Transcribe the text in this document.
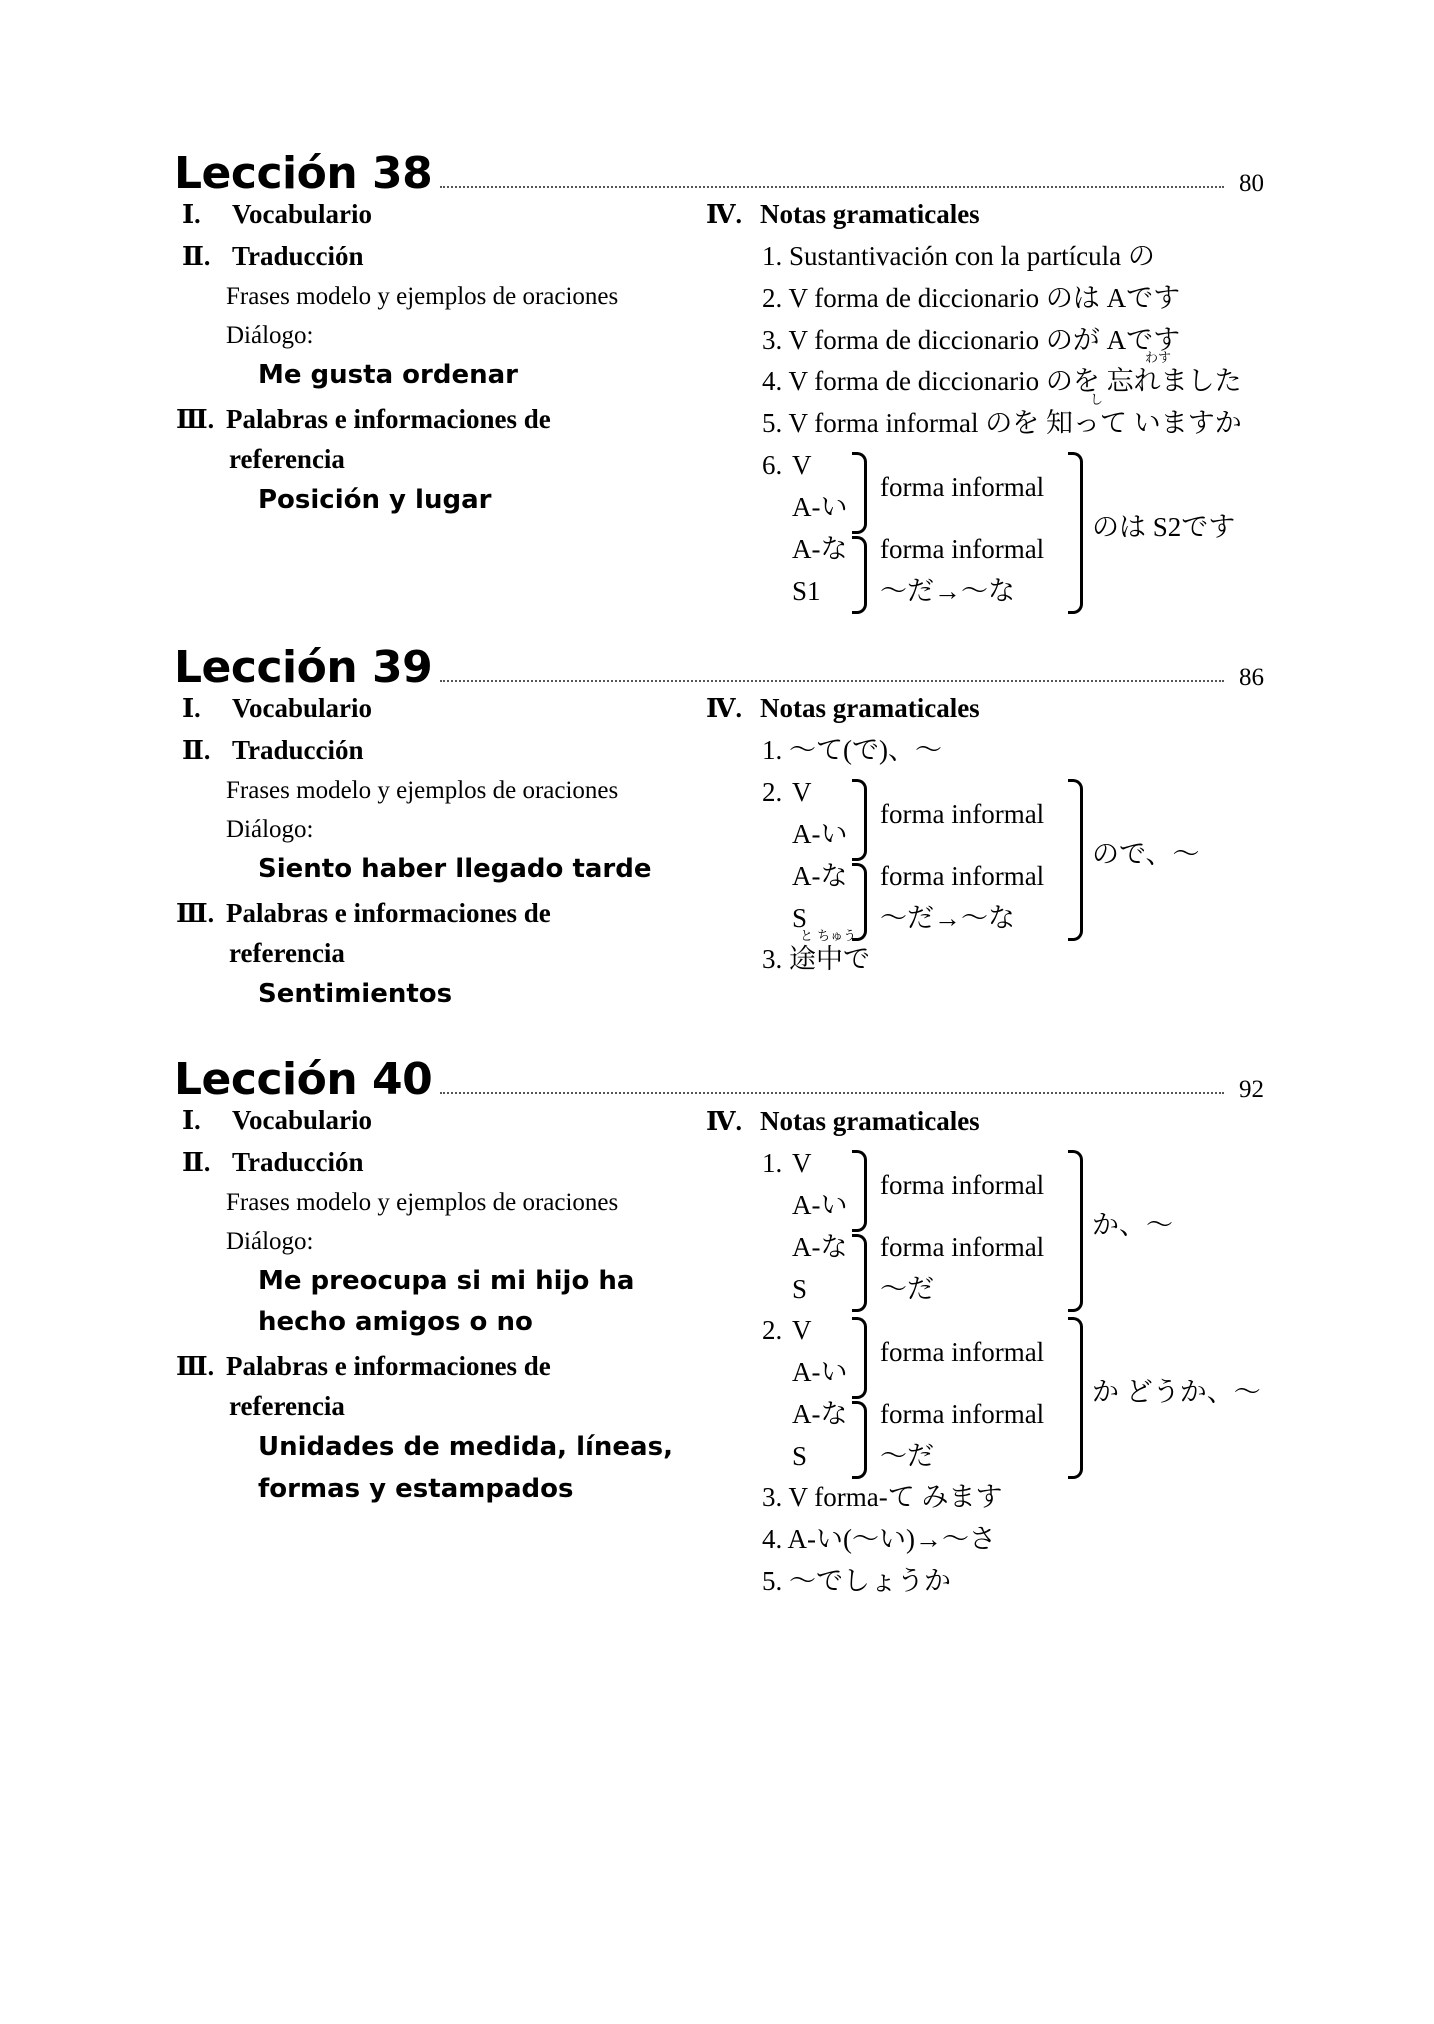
Lección 38	80
Ⅰ. Vocabulario
Ⅱ. Traducción
Frases modelo y ejemplos de oraciones
Diálogo:
Me gusta ordenar
Ⅲ. Palabras e informaciones de
referencia
Posición y lugar
Ⅳ. Notas gramaticales
1. Sustantivación con la partícula の
2. V forma de diccionario のは Aです
3. V forma de diccionario のが Aです
わす
4. V forma de diccionario のを 忘れました
し
5. V forma informal のを 知って いますか
6. V
A-い
A-な
S1
forma informal
forma informal
～だ→～な
のは S2です
Lección 39	86
Ⅰ. Vocabulario
Ⅱ. Traducción
Frases modelo y ejemplos de oraciones
Diálogo:
Siento haber llegado tarde
Ⅲ. Palabras e informaciones de
referencia
Sentimientos
Ⅳ. Notas gramaticales
1. ～て(で)、～
2. V
A-い
A-な
S
forma informal
forma informal
～だ→～な
ので、～
と ちゅう
3. 途中で
Lección 40	92
Ⅰ. Vocabulario
Ⅱ. Traducción
Frases modelo y ejemplos de oraciones
Diálogo:
Me preocupa si mi hijo ha
hecho amigos o no
Ⅲ. Palabras e informaciones de
referencia
Unidades de medida, líneas,
formas y estampados
Ⅳ. Notas gramaticales
1. V
A-い
A-な
S
forma informal
forma informal
～だ
か、～
2. V
A-い
A-な
S
forma informal
forma informal
～だ
か どうか、～
3. V forma-て みます
4. A-い(～い)→～さ
5. ～でしょうか
